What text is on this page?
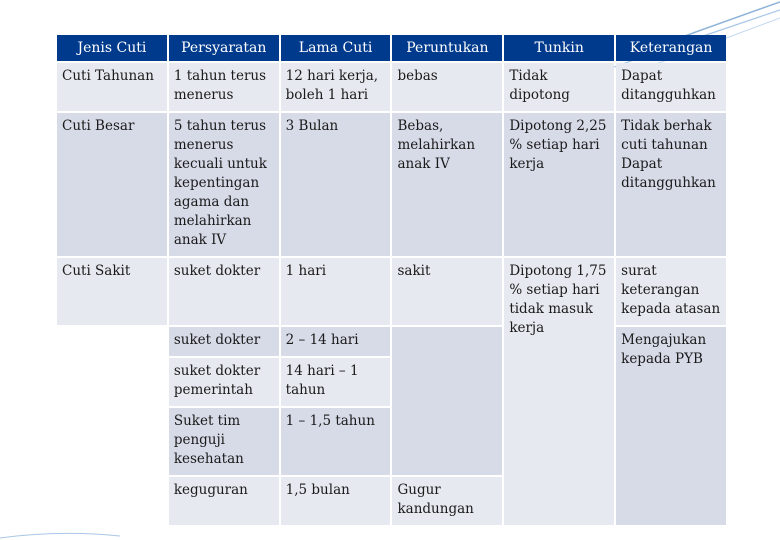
Jenis Cuti	Persyaratan	Lama Cuti	Peruntukan	Tunkin	Keterangan
Cuti Tahunan	1 tahun terus menerus	12 hari kerja, boleh 1 hari	bebas	Tidak dipotong	Dapat ditangguhkan
Cuti Besar	5 tahun terus menerus kecuali untuk kepentingan agama dan melahirkan anak IV	3 Bulan	Bebas, melahirkan anak IV	Dipotong 2,25 % setiap hari kerja	Tidak berhak cuti tahunan Dapat ditangguhkan
Cuti Sakit	suket dokter	1 hari	sakit	Dipotong 1,75 % setiap hari tidak masuk kerja	surat keterangan kepada atasan
	suket dokter	2 – 14 hari			Mengajukan kepada PYB
	suket dokter pemerintah	14 hari – 1 tahun			
	Suket tim penguji kesehatan	1 – 1,5 tahun			
	keguguran	1,5 bulan	Gugur kandungan		
